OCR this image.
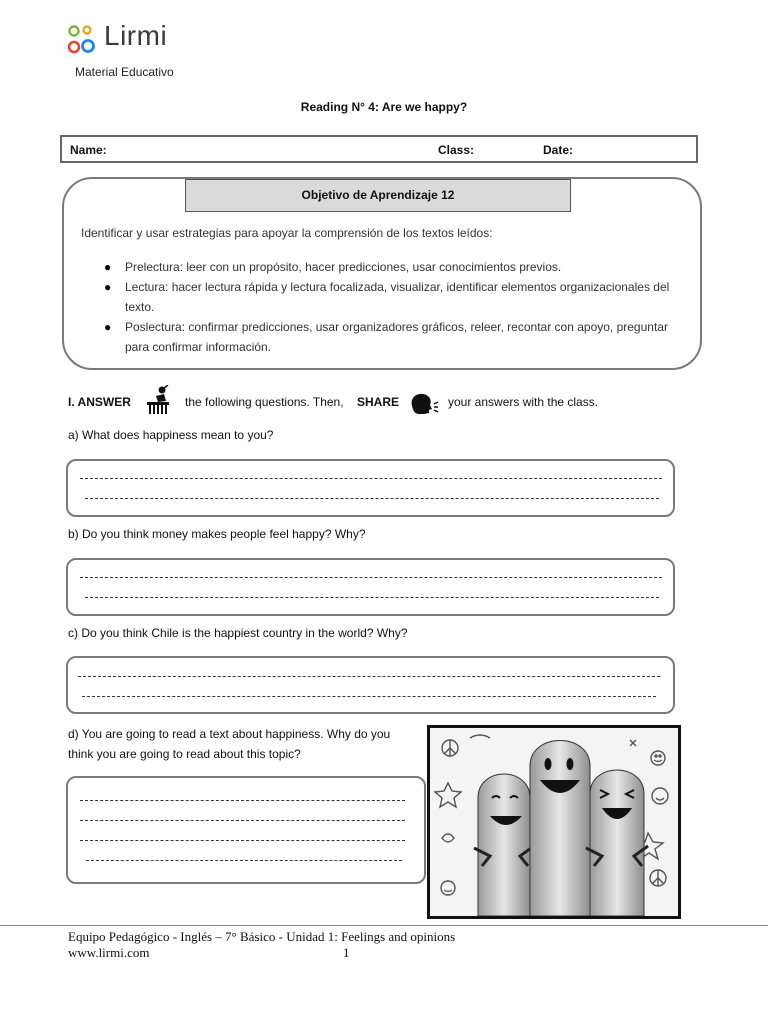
Lirmi
Material Educativo
Reading N° 4: Are we happy?
Name:	Class:	Date:
Objetivo de Aprendizaje 12
Identificar y usar estrategias para apoyar la comprensión de los textos leídos:
● Prelectura: leer con un propósito, hacer predicciones, usar conocimientos previos.
● Lectura: hacer lectura rápida y lectura focalizada, visualizar, identificar elementos organizacionales del texto.
● Poslectura: confirmar predicciones, usar organizadores gráficos, releer, recontar con apoyo, preguntar para confirmar información.
I. ANSWER	the following questions. Then, SHARE	your answers with the class.
a) What does happiness mean to you?
b) Do you think money makes people feel happy? Why?
c) Do you think Chile is the happiest country in the world? Why?
d) You are going to read a text about happiness. Why do you think you are going to read about this topic?
Equipo Pedagógico - Inglés – 7° Básico - Unidad 1: Feelings and opinions
www.lirmi.com	1
